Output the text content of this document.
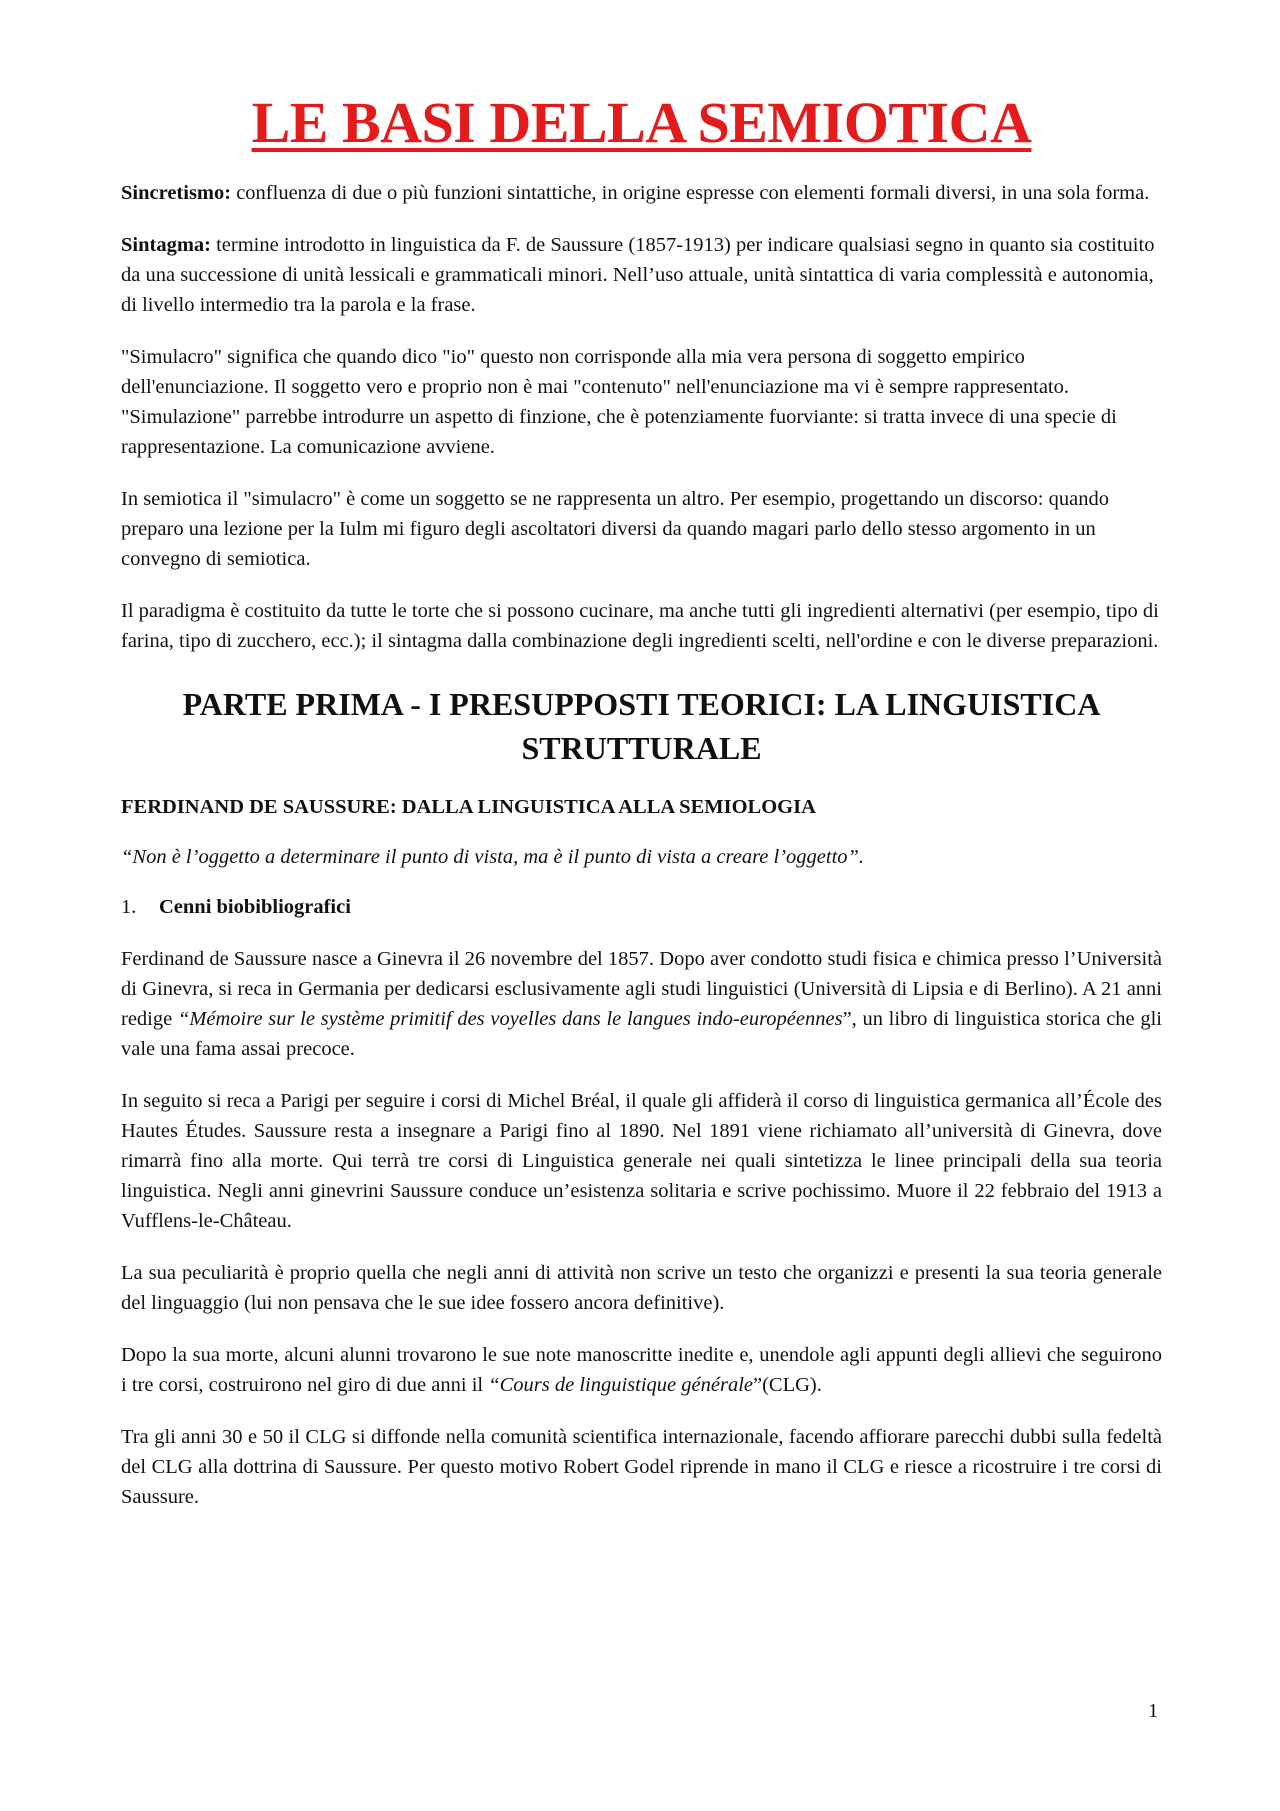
LE BASI DELLA SEMIOTICA

Sincretismo: confluenza di due o più funzioni sintattiche, in origine espresse con elementi formali diversi, in una sola forma.

Sintagma: termine introdotto in linguistica da F. de Saussure (1857-1913) per indicare qualsiasi segno in quanto sia costituito da una successione di unità lessicali e grammaticali minori. Nell’uso attuale, unità sintattica di varia complessità e autonomia, di livello intermedio tra la parola e la frase.

"Simulacro" significa che quando dico "io" questo non corrisponde alla mia vera persona di soggetto empirico dell'enunciazione. Il soggetto vero e proprio non è mai "contenuto" nell'enunciazione ma vi è sempre rappresentato. "Simulazione" parrebbe introdurre un aspetto di finzione, che è potenziamente fuorviante: si tratta invece di una specie di rappresentazione. La comunicazione avviene.

In semiotica il "simulacro" è come un soggetto se ne rappresenta un altro. Per esempio, progettando un discorso: quando preparo una lezione per la Iulm mi figuro degli ascoltatori diversi da quando magari parlo dello stesso argomento in un convegno di semiotica.

Il paradigma è costituito da tutte le torte che si possono cucinare, ma anche tutti gli ingredienti alternativi (per esempio, tipo di farina, tipo di zucchero, ecc.); il sintagma dalla combinazione degli ingredienti scelti, nell'ordine e con le diverse preparazioni.

PARTE PRIMA - I PRESUPPOSTI TEORICI: LA LINGUISTICA STRUTTURALE

FERDINAND DE SAUSSURE: DALLA LINGUISTICA ALLA SEMIOLOGIA

“Non è l’oggetto a determinare il punto di vista, ma è il punto di vista a creare l’oggetto”.

1. Cenni biobibliografici

Ferdinand de Saussure nasce a Ginevra il 26 novembre del 1857. Dopo aver condotto studi fisica e chimica presso l’Università di Ginevra, si reca in Germania per dedicarsi esclusivamente agli studi linguistici (Università di Lipsia e di Berlino). A 21 anni redige “Mémoire sur le système primitif des voyelles dans le langues indo-européennes”, un libro di linguistica storica che gli vale una fama assai precoce.

In seguito si reca a Parigi per seguire i corsi di Michel Bréal, il quale gli affiderà il corso di linguistica germanica all’École des Hautes Études. Saussure resta a insegnare a Parigi fino al 1890. Nel 1891 viene richiamato all’università di Ginevra, dove rimarrà fino alla morte. Qui terrà tre corsi di Linguistica generale nei quali sintetizza le linee principali della sua teoria linguistica. Negli anni ginevrini Saussure conduce un’esistenza solitaria e scrive pochissimo. Muore il 22 febbraio del 1913 a Vufflens-le-Château.

La sua peculiarità è proprio quella che negli anni di attività non scrive un testo che organizzi e presenti la sua teoria generale del linguaggio (lui non pensava che le sue idee fossero ancora definitive).

Dopo la sua morte, alcuni alunni trovarono le sue note manoscritte inedite e, unendole agli appunti degli allievi che seguirono i tre corsi, costruirono nel giro di due anni il “Cours de linguistique générale”(CLG).

Tra gli anni 30 e 50 il CLG si diffonde nella comunità scientifica internazionale, facendo affiorare parecchi dubbi sulla fedeltà del CLG alla dottrina di Saussure. Per questo motivo Robert Godel riprende in mano il CLG e riesce a ricostruire i tre corsi di Saussure.

1
